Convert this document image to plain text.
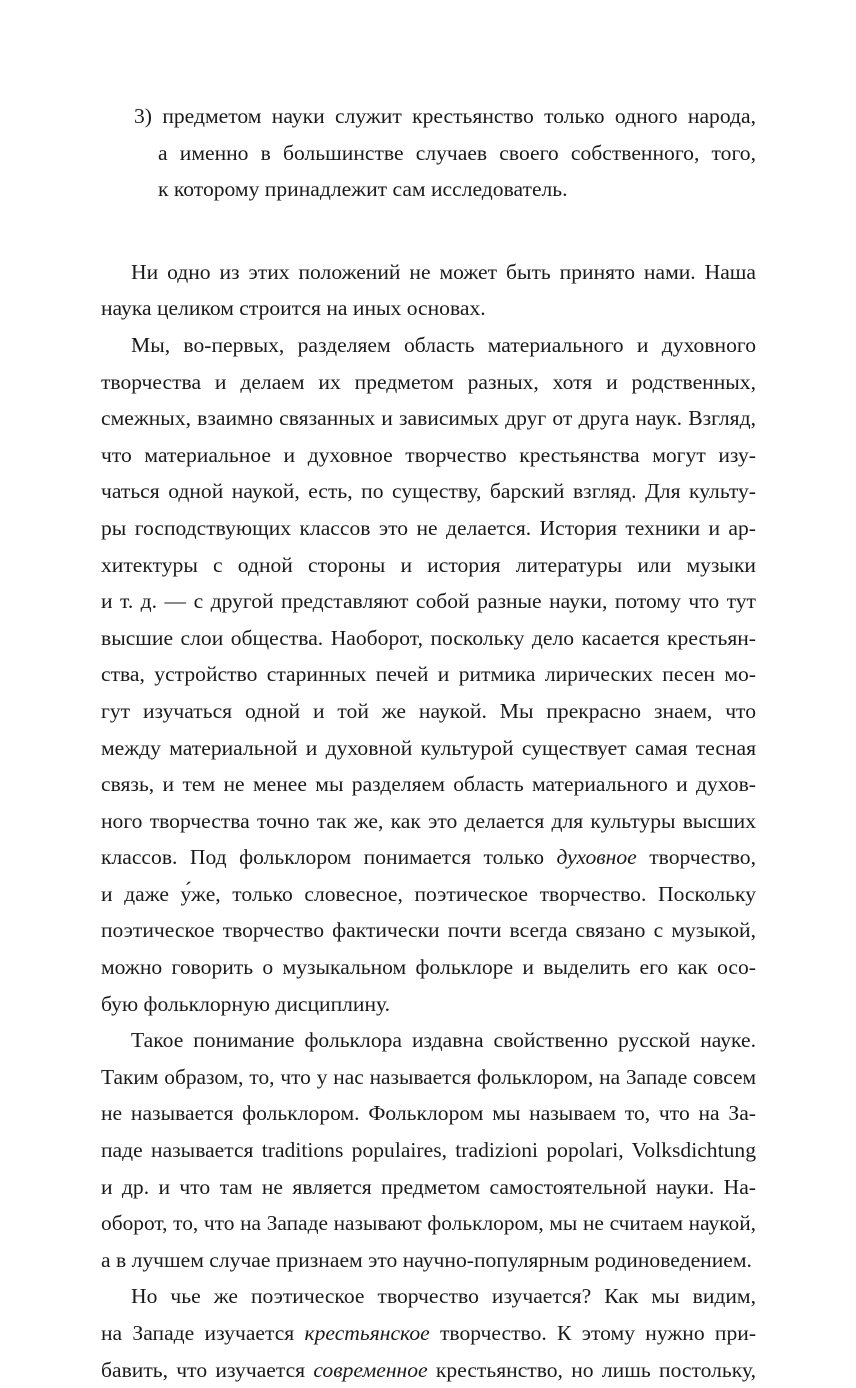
3) предметом науки служит крестьянство только одного народа,
а именно в большинстве случаев своего собственного, того,
к которому принадлежит сам исследователь.
Ни одно из этих положений не может быть принято нами. Наша
наука целиком строится на иных основах.
Мы, во-первых, разделяем область материального и духовного
творчества и делаем их предметом разных, хотя и родственных,
смежных, взаимно связанных и зависимых друг от друга наук. Взгляд,
что материальное и духовное творчество крестьянства могут изу-
чаться одной наукой, есть, по существу, барский взгляд. Для культу-
ры господствующих классов это не делается. История техники и ар-
хитектуры с одной стороны и история литературы или музыки
и т. д. — с другой представляют собой разные науки, потому что тут
высшие слои общества. Наоборот, поскольку дело касается крестьян-
ства, устройство старинных печей и ритмика лирических песен мо-
гут изучаться одной и той же наукой. Мы прекрасно знаем, что
между материальной и духовной культурой существует самая тесная
связь, и тем не менее мы разделяем область материального и духов-
ного творчества точно так же, как это делается для культуры высших
классов. Под фольклором понимается только духовное творчество,
и даже у́же, только словесное, поэтическое творчество. Поскольку
поэтическое творчество фактически почти всегда связано с музыкой,
можно говорить о музыкальном фольклоре и выделить его как осо-
бую фольклорную дисциплину.
Такое понимание фольклора издавна свойственно русской науке.
Таким образом, то, что у нас называется фольклором, на Западе совсем
не называется фольклором. Фольклором мы называем то, что на За-
паде называется traditions populaires, tradizioni popolari, Volksdichtung
и др. и что там не является предметом самостоятельной науки. На-
оборот, то, что на Западе называют фольклором, мы не считаем наукой,
а в лучшем случае признаем это научно-популярным родиноведением.
Но чье же поэтическое творчество изучается? Как мы видим,
на Западе изучается крестьянское творчество. К этому нужно при-
бавить, что изучается современное крестьянство, но лишь постольку,
